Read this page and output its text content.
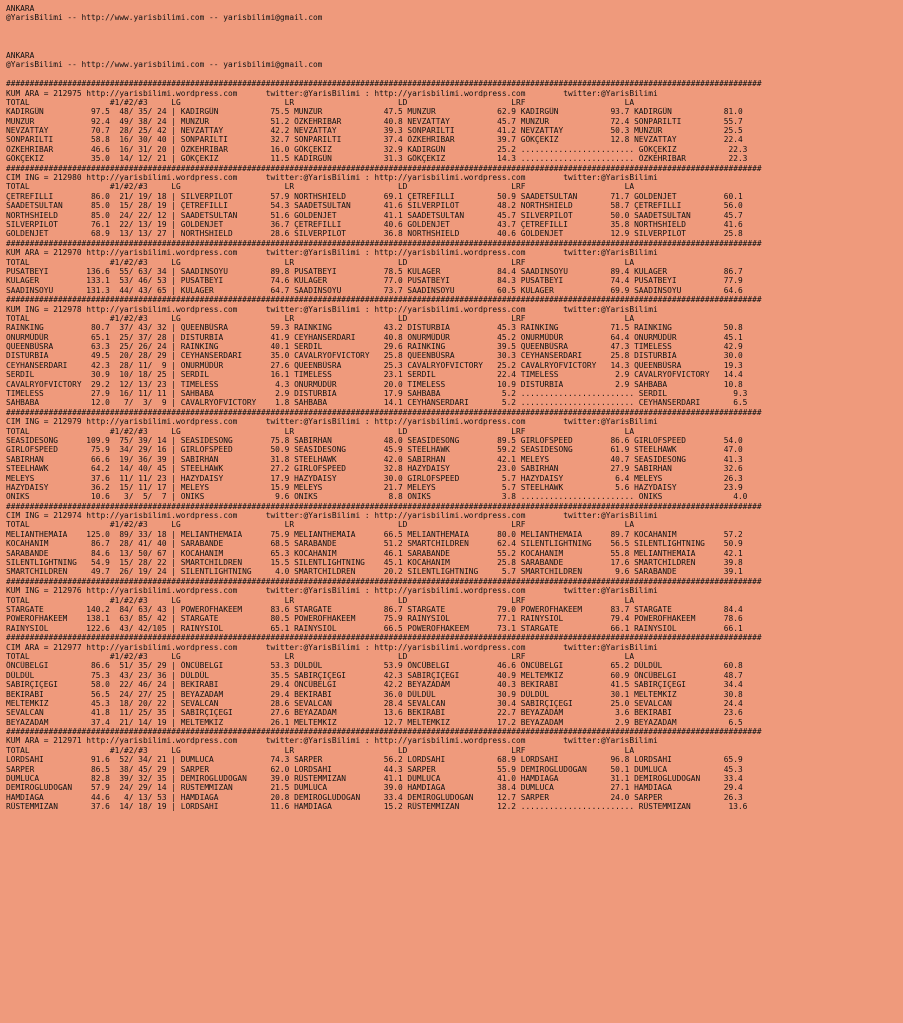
ANKARA
@YarisBilimi -- http://www.yarisbilimi.com -- yarisbilimi@gmail.com
ANKARA
@YarisBilimi -- http://www.yarisbilimi.com -- yarisbilimi@gmail.com
################################################################################################################################################################
KUM ARA = 212975 http://yarisbilimi.wordpress.com      twitter:@YarisBilimi : http://yarisbilimi.wordpress.com        twitter:@YarisBilimi
TOTAL                 #1/#2/#3     LG                      LR                      LD                      LRF                     LA
KADIRGÜN          97.5  48/ 35/ 24 | KADIRGÜN           75.5 MUNZUR             47.5 MUNZUR             62.9 KADIRGÜN           93.7 KADIRGÜN           81.0
MUNZUR            92.4  49/ 38/ 24 | MUNZUR             51.2 ÖZKEHRIBAR         40.8 NEVZATTAY          45.7 MUNZUR             72.4 SONPARILTI         55.7
NEVZATTAY         70.7  28/ 25/ 42 | NEVZATTAY          42.2 NEVZATTAY          39.3 SONPARILTI         41.2 NEVZATTAY          50.3 MUNZUR             25.5
SONPARILTI        58.8  16/ 30/ 40 | SONPARILTI         32.7 SONPARILTI         37.4 ÖZKEHRIBAR         39.7 GÖKÇEKIZ           12.8 NEVZATTAY          22.4
ÖZKEHRIBAR        46.6  16/ 31/ 20 | ÖZKEHRIBAR         16.0 GÖKÇEKIZ           32.9 KADIRGÜN           25.2 ........................ GÖKÇEKIZ           22.3
GÖKÇEKIZ          35.0  14/ 12/ 21 | GÖKÇEKIZ           11.5 KADIRGÜN           31.3 GÖKÇEKIZ           14.3 ........................ ÖZKEHRIBAR         22.3
################################################################################################################################################################
CIM ING = 212980 http://yarisbilimi.wordpress.com      twitter:@YarisBilimi : http://yarisbilimi.wordpress.com        twitter:@YarisBilimi
TOTAL                 #1/#2/#3     LG                      LR                      LD                      LRF                     LA
ÇETREFILLI        86.0  21/ 19/ 18 | SILVERPILOT        57.9 NORTHSHIELD        69.1 ÇETREFILLI         50.9 SAADETSULTAN       71.7 GOLDENJET          60.1
SAADETSULTAN      85.0  15/ 28/ 19 | ÇETREFILLI         54.3 SAADETSULTAN       41.6 SILVERPILOT        48.2 NORTHSHIELD        58.7 ÇETREFILLI         56.0
NORTHSHIELD       85.0  24/ 22/ 12 | SAADETSULTAN       51.6 GOLDENJET          41.1 SAADETSULTAN       45.7 SILVERPILOT        50.0 SAADETSULTAN       45.7
SILVERPILOT       76.1  22/ 13/ 19 | GOLDENJET          36.7 ÇETREFILLI         40.6 GOLDENJET          43.7 ÇETREFILLI         35.8 NORTHSHIELD        41.6
GOLDENJET         68.9  13/ 13/ 27 | NORTHSHIELD        28.6 SILVERPILOT        36.8 NORTHSHIELD        40.6 GOLDENJET          12.9 SILVERPILOT        25.8
################################################################################################################################################################
KUM ARA = 212970 http://yarisbilimi.wordpress.com      twitter:@YarisBilimi : http://yarisbilimi.wordpress.com        twitter:@YarisBilimi
TOTAL                 #1/#2/#3     LG                      LR                      LD                      LRF                     LA
PUSATBEYI        136.6  55/ 63/ 34 | SAADINSOYU         89.8 PUSATBEYI          78.5 KULAGER            84.4 SAADINSOYU         89.4 KULAGER            86.7
KULAGER          133.1  53/ 46/ 53 | PUSATBEYI          74.6 KULAGER            77.0 PUSATBEYI          84.3 PUSATBEYI          74.4 PUSATBEYI          77.9
SAADINSOYU       131.3  44/ 43/ 65 | KULAGER            64.7 SAADINSOYU         73.7 SAADINSOYU         60.5 KULAGER            69.9 SAADINSOYU         64.6
################################################################################################################################################################
KUM ING = 212978 http://yarisbilimi.wordpress.com      twitter:@YarisBilimi : http://yarisbilimi.wordpress.com        twitter:@YarisBilimi
TOTAL                 #1/#2/#3     LG                      LR                      LD                      LRF                     LA
RAINKING          80.7  37/ 43/ 32 | QUEENBÜSRA         59.3 RAINKING           43.2 DISTURBIA          45.3 RAINKING           71.5 RAINKING           50.8
ONURMÜDÜR         65.1  25/ 37/ 28 | DISTURBIA          41.9 CEYHANSERDARI      40.8 ONURMÜDÜR          45.2 ONURMÜDÜR          64.4 ONURMÜDÜR          45.1
QUEENBÜSRA        63.3  25/ 26/ 24 | RAINKING           40.1 SERDIL             29.6 RAINKING           39.5 QUEENBÜSRA         47.3 TIMELESS           42.9
DISTURBIA         49.5  20/ 28/ 29 | CEYHANSERDARI      35.0 CAVALRYOFVICTORY   25.8 QUEENBÜSRA         30.3 CEYHANSERDARI      25.8 DISTURBIA          30.0
CEYHANSERDARI     42.3  28/ 11/  9 | ONURMÜDÜR          27.6 QUEENBÜSRA         25.3 CAVALRYOFVICTORY   25.2 CAVALRYOFVICTORY   14.3 QUEENBÜSRA         19.3
SERDIL            30.9  10/ 18/ 25 | SERDIL             16.1 TIMELESS           23.1 SERDIL             22.4 TIMELESS            2.9 CAVALRYOFVICTORY   14.4
CAVALRYOFVICTORY  29.2  12/ 13/ 23 | TIMELESS            4.3 ONURMÜDÜR          20.0 TIMELESS           10.9 DISTURBIA           2.9 SAHBABA            10.8
TIMELESS          27.9  16/ 11/ 11 | SAHBABA             2.9 DISTURBIA          17.9 SAHBABA             5.2 ........................ SERDIL              9.3
SAHBABA           12.0   7/  3/  9 | CAVALRYOFVICTORY    1.8 SAHBABA            14.1 CEYHANSERDARI       5.2 ........................ CEYHANSERDARI       6.5
################################################################################################################################################################
CIM ING = 212979 http://yarisbilimi.wordpress.com      twitter:@YarisBilimi : http://yarisbilimi.wordpress.com        twitter:@YarisBilimi
TOTAL                 #1/#2/#3     LG                      LR                      LD                      LRF                     LA
SEASIDESONG      109.9  75/ 39/ 14 | SEASIDESONG        75.8 SABIRHAN           48.0 SEASIDESONG        89.5 GIRLOFSPEED        86.6 GIRLOFSPEED        54.0
GIRLOFSPEED       75.9  34/ 29/ 16 | GIRLOFSPEED        50.9 SEASIDESONG        45.9 STEELHAWK          59.2 SEASIDESONG        61.9 STEELHAWK          47.0
SABIRHAN          66.6  19/ 36/ 39 | SABIRHAN           31.8 STEELHAWK          42.0 SABIRHAN           42.1 MELEYS             40.7 SEASIDESONG        41.3
STEELHAWK         64.2  14/ 40/ 45 | STEELHAWK          27.2 GIRLOFSPEED        32.8 HAZYDAISY          23.0 SABIRHAN           27.9 SABIRHAN           32.6
MELEYS            37.6  11/ 11/ 23 | HAZYDAISY          17.9 HAZYDAISY          30.0 GIRLOFSPEED         5.7 HAZYDAISY           6.4 MELEYS             26.3
HAZYDAISY         36.2  15/ 11/ 17 | MELEYS             15.9 MELEYS             21.7 MELEYS              5.7 STEELHAWK           5.6 HAZYDAISY          23.9
ONIKS             10.6   3/  5/  7 | ONIKS               9.6 ONIKS               8.8 ONIKS               3.8 ........................ ONIKS               4.0
################################################################################################################################################################
CIM ING = 212974 http://yarisbilimi.wordpress.com      twitter:@YarisBilimi : http://yarisbilimi.wordpress.com        twitter:@YarisBilimi
TOTAL                 #1/#2/#3     LG                      LR                      LD                      LRF                     LA
MELIANTHEMAIA    125.0  89/ 33/ 18 | MELIANTHEMAIA      75.9 MELIANTHEMAIA      66.5 MELIANTHEMAIA      80.0 MELIANTHEMAIA      89.7 KOCAHANIM          57.2
KOCAHANIM         86.7  28/ 41/ 40 | SARABANDE          68.5 SARABANDE          51.2 SMARTCHILDREN      62.4 SILENTLIGHTNING    56.5 SILENTLIGHTNING    50.9
SARABANDE         84.6  13/ 50/ 67 | KOCAHANIM          65.3 KOCAHANIM          46.1 SARABANDE          55.2 KOCAHANIM          55.8 MELIANTHEMAIA      42.1
SILENTLIGHTNING   54.9  15/ 28/ 22 | SMARTCHILDREN      15.5 SILENTLIGHTNING    45.1 KOCAHANIM          25.8 SARABANDE          17.6 SMARTCHILDREN      39.8
SMARTCHILDREN     49.7  26/ 19/ 24 | SILENTLIGHTNING     4.0 SMARTCHILDREN      20.2 SILENTLIGHTNING     5.7 SMARTCHILDREN       9.6 SARABANDE          39.1
################################################################################################################################################################
KUM ING = 212976 http://yarisbilimi.wordpress.com      twitter:@YarisBilimi : http://yarisbilimi.wordpress.com        twitter:@YarisBilimi
TOTAL                 #1/#2/#3     LG                      LR                      LD                      LRF                     LA
STARGATE         140.2  84/ 63/ 43 | POWEROFHAKEEM      83.6 STARGATE           86.7 STARGATE           79.0 POWEROFHAKEEM      83.7 STARGATE           84.4
POWEROFHAKEEM    138.1  63/ 85/ 42 | STARGATE           80.5 POWEROFHAKEEM      75.9 RAINYSIOL          77.1 RAINYSIOL          79.4 POWEROFHAKEEM      78.6
RAINYSIOL        122.6  43/ 42/105 | RAINYSIOL          65.1 RAINYSIOL          66.5 POWEROFHAKEEM      73.1 STARGATE           66.1 RAINYSIOL          66.1
################################################################################################################################################################
CIM ARA = 212977 http://yarisbilimi.wordpress.com      twitter:@YarisBilimi : http://yarisbilimi.wordpress.com        twitter:@YarisBilimi
TOTAL                 #1/#2/#3     LG                      LR                      LD                      LRF                     LA
ÖNCÜBELGI         86.6  51/ 35/ 29 | ÖNCÜBELGI          53.3 DÜLDÜL             53.9 ÖNCÜBELGI          46.6 ÖNCÜBELGI          65.2 DÜLDÜL             60.8
DÜLDÜL            75.3  43/ 23/ 36 | DÜLDÜL             35.5 SABIRÇIÇEGI        42.3 SABIRÇIÇEGI        40.9 MELTEMKIZ          60.9 ÖNCÜBELGI          48.7
SABIRÇIÇEGI       58.0  22/ 46/ 24 | BEKIRABI           29.4 ÖNCÜBELGI          42.2 BEYAZADAM          40.3 BEKIRABI           41.5 SABIRÇIÇEGI        34.4
BEKIRABI          56.5  24/ 27/ 25 | BEYAZADAM          29.4 BEKIRABI           36.0 DÜLDÜL             30.9 DÜLDÜL             30.1 MELTEMKIZ          30.8
MELTEMKIZ         45.3  18/ 20/ 22 | SEVALCAN           28.6 SEVALCAN           28.4 SEVALCAN           30.4 SABIRÇIÇEGI        25.0 SEVALCAN           24.4
SEVALCAN          41.8  11/ 25/ 35 | SABIRÇIÇEGI        27.6 BEYAZADAM          13.6 BEKIRABI           22.7 BEYAZADAM           3.6 BEKIRABI           23.6
BEYAZADAM         37.4  21/ 14/ 19 | MELTEMKIZ          26.1 MELTEMKIZ          12.7 MELTEMKIZ          17.2 BEYAZADAM           2.9 BEYAZADAM           6.5
################################################################################################################################################################
KUM ARA = 212971 http://yarisbilimi.wordpress.com      twitter:@YarisBilimi : http://yarisbilimi.wordpress.com        twitter:@YarisBilimi
TOTAL                 #1/#2/#3     LG                      LR                      LD                      LRF                     LA
LORDSAHI          91.6  52/ 34/ 21 | DUMLUCA            74.3 SARPER             56.2 LORDSAHI           68.9 LORDSAHI           96.8 LORDSAHI           65.9
SARPER            86.5  38/ 45/ 29 | SARPER             62.0 LORDSAHI           44.3 SARPER             55.9 DEMIROGLUDOGAN     50.1 DUMLUCA            45.3
DUMLUCA           82.8  39/ 32/ 35 | DEMIROGLUDOGAN     39.0 RÜSTEMMIZAN        41.1 DUMLUCA            41.0 HAMDIAGA           31.1 DEMIROGLUDOGAN     33.4
DEMIROGLUDOGAN    57.9  24/ 29/ 14 | RÜSTEMMIZAN        21.5 DUMLUCA            39.0 HAMDIAGA           38.4 DUMLUCA            27.1 HAMDIAGA           29.4
HAMDIAGA          44.6   4/ 13/ 53 | HAMDIAGA           20.8 DEMIROGLUDOGAN     33.4 DEMIROGLUDOGAN     12.7 SARPER             24.0 SARPER             26.3
RÜSTEMMIZAN       37.6  14/ 18/ 19 | LORDSAHI           11.6 HAMDIAGA           15.2 RÜSTEMMIZAN        12.2 ........................ RÜSTEMMIZAN        13.6
